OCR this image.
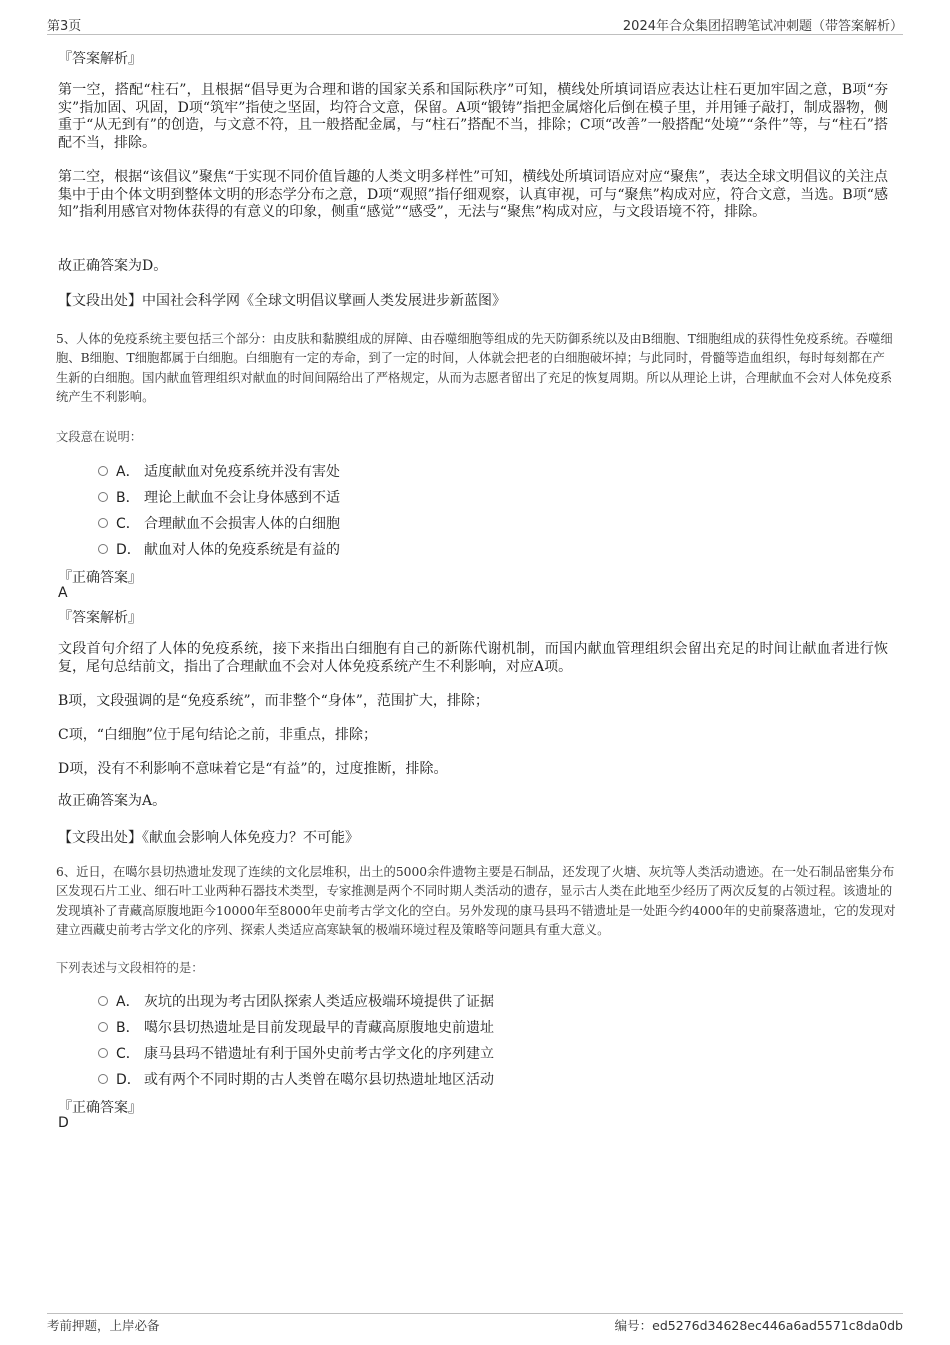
第3页	2024年合众集团招聘笔试冲刺题（带答案解析）
『答案解析』
第一空，搭配“柱石”，且根据“倡导更为合理和谐的国家关系和国际秩序”可知，横线处所填词语应表达让柱石更加牢固之意，B项“夯实”指加固、巩固，D项“筑牢”指使之坚固，均符合文意，保留。A项“锻铸”指把金属熔化后倒在模子里，并用锤子敲打，制成器物，侧重于“从无到有”的创造，与文意不符，且一般搭配金属，与“柱石”搭配不当，排除；C项“改善”一般搭配“处境”“条件”等，与“柱石”搭配不当，排除。
第二空，根据“该倡议”聚焦“于实现不同价值旨趣的人类文明多样性”可知，横线处所填词语应对应“聚焦”，表达全球文明倡议的关注点集中于由个体文明到整体文明的形态学分布之意，D项“观照”指仔细观察，认真审视，可与“聚焦”构成对应，符合文意，当选。B项“感知”指利用感官对物体获得的有意义的印象，侧重“感觉”“感受”，无法与“聚焦”构成对应，与文段语境不符，排除。
故正确答案为D。
【文段出处】中国社会科学网《全球文明倡议擘画人类发展进步新蓝图》
5、人体的免疫系统主要包括三个部分：由皮肤和黏膜组成的屏障、由吞噬细胞等组成的先天防御系统以及由B细胞、T细胞组成的获得性免疫系统。吞噬细胞、B细胞、T细胞都属于白细胞。白细胞有一定的寿命，到了一定的时间，人体就会把老的白细胞破坏掉；与此同时，骨髓等造血组织，每时每刻都在产生新的白细胞。国内献血管理组织对献血的时间间隔给出了严格规定，从而为志愿者留出了充足的恢复周期。所以从理论上讲，合理献血不会对人体免疫系统产生不利影响。
文段意在说明：
A． 适度献血对免疫系统并没有害处
B． 理论上献血不会让身体感到不适
C． 合理献血不会损害人体的白细胞
D． 献血对人体的免疫系统是有益的
『正确答案』
A
『答案解析』
文段首句介绍了人体的免疫系统，接下来指出白细胞有自己的新陈代谢机制，而国内献血管理组织会留出充足的时间让献血者进行恢复，尾句总结前文，指出了合理献血不会对人体免疫系统产生不利影响，对应A项。
B项，文段强调的是“免疫系统”，而非整个“身体”，范围扩大，排除；
C项，“白细胞”位于尾句结论之前，非重点，排除；
D项，没有不利影响不意味着它是“有益”的，过度推断，排除。
故正确答案为A。
【文段出处】《献血会影响人体免疫力？不可能》
6、近日，在噶尔县切热遗址发现了连续的文化层堆积，出土的5000余件遗物主要是石制品，还发现了火塘、灰坑等人类活动遗迹。在一处石制品密集分布区发现石片工业、细石叶工业两种石器技术类型，专家推测是两个不同时期人类活动的遗存，显示古人类在此地至少经历了两次反复的占领过程。该遗址的发现填补了青藏高原腹地距今10000年至8000年史前考古学文化的空白。另外发现的康马县玛不错遗址是一处距今约4000年的史前聚落遗址，它的发现对建立西藏史前考古学文化的序列、探索人类适应高寒缺氧的极端环境过程及策略等问题具有重大意义。
下列表述与文段相符的是：
A． 灰坑的出现为考古团队探索人类适应极端环境提供了证据
B． 噶尔县切热遗址是目前发现最早的青藏高原腹地史前遗址
C． 康马县玛不错遗址有利于国外史前考古学文化的序列建立
D． 或有两个不同时期的古人类曾在噶尔县切热遗址地区活动
『正确答案』
D
考前押题，上岸必备	编号：ed5276d34628ec446a6ad5571c8da0db
